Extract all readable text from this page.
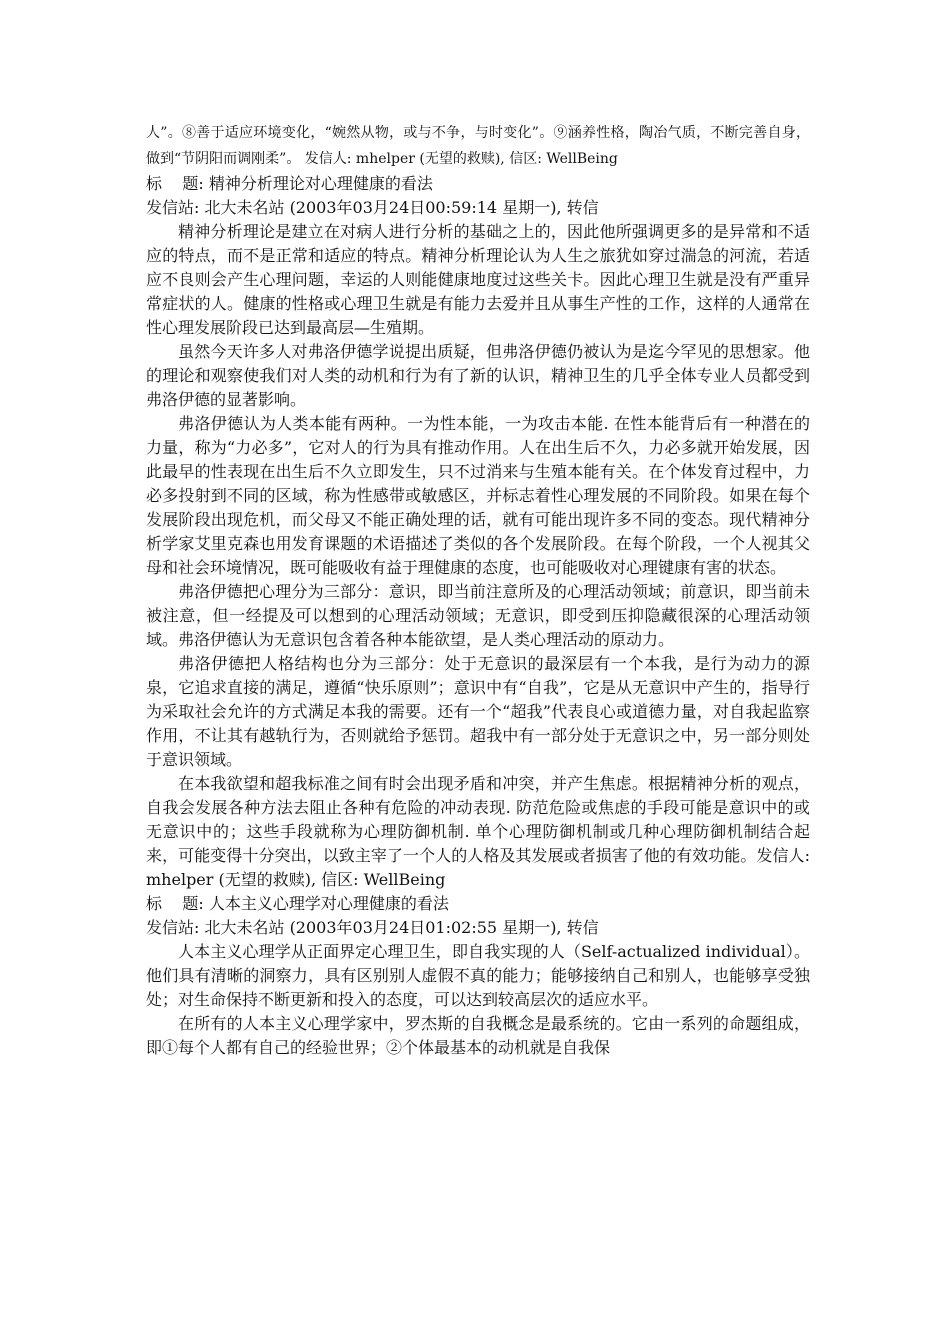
人”。⑧善于适应环境变化，“婉然从物，或与不争，与时变化”。⑨涵养性格，陶冶气质，不断完善自身，做到“节阴阳而调刚柔”。 发信人: mhelper (无望的救赎), 信区: WellBeing

标    题: 精神分析理论对心理健康的看法

发信站: 北大未名站 (2003年03月24日00:59:14 星期一), 转信

精神分析理论是建立在对病人进行分析的基础之上的，因此他所强调更多的是异常和不适应的特点，而不是正常和适应的特点。精神分析理论认为人生之旅犹如穿过湍急的河流，若适应不良则会产生心理问题，幸运的人则能健康地度过这些关卡。因此心理卫生就是没有严重异常症状的人。健康的性格或心理卫生就是有能力去爱并且从事生产性的工作，这样的人通常在性心理发展阶段已达到最高层—生殖期。

虽然今天许多人对弗洛伊德学说提出质疑，但弗洛伊德仍被认为是迄今罕见的思想家。他的理论和观察使我们对人类的动机和行为有了新的认识，精神卫生的几乎全体专业人员都受到弗洛伊德的显著影响。

弗洛伊德认为人类本能有两种。一为性本能，一为攻击本能. 在性本能背后有一种潜在的力量，称为“力必多”，它对人的行为具有推动作用。人在出生后不久，力必多就开始发展，因此最早的性表现在出生后不久立即发生，只不过消来与生殖本能有关。在个体发育过程中，力必多投射到不同的区域，称为性感带或敏感区，并标志着性心理发展的不同阶段。如果在每个发展阶段出现危机，而父母又不能正确处理的话，就有可能出现许多不同的变态。现代精神分析学家艾里克森也用发育课题的术语描述了类似的各个发展阶段。在每个阶段，一个人视其父母和社会环境情况，既可能吸收有益于理健康的态度，也可能吸收对心理键康有害的状态。

弗洛伊德把心理分为三部分：意识，即当前注意所及的心理活动领域；前意识，即当前未被注意，但一经提及可以想到的心理活动领域；无意识，即受到压抑隐藏很深的心理活动领域。弗洛伊德认为无意识包含着各种本能欲望，是人类心理活动的原动力。

弗洛伊德把人格结构也分为三部分：处于无意识的最深层有一个本我，是行为动力的源泉，它追求直接的满足，遵循“快乐原则”；意识中有“自我”，它是从无意识中产生的，指导行为采取社会允许的方式满足本我的需要。还有一个“超我”代表良心或道德力量，对自我起监察作用，不让其有越轨行为，否则就给予惩罚。超我中有一部分处于无意识之中，另一部分则处于意识领域。

在本我欲望和超我标准之间有时会出现矛盾和冲突，并产生焦虑。根据精神分析的观点，自我会发展各种方法去阻止各种有危险的冲动表现. 防范危险或焦虑的手段可能是意识中的或无意识中的；这些手段就称为心理防御机制. 单个心理防御机制或几种心理防御机制结合起来，可能变得十分突出，以致主宰了一个人的人格及其发展或者损害了他的有效功能。发信人: mhelper (无望的救赎), 信区: WellBeing

标    题: 人本主义心理学对心理健康的看法

发信站: 北大未名站 (2003年03月24日01:02:55 星期一), 转信

人本主义心理学从正面界定心理卫生，即自我实现的人（Self-actualized individual）。他们具有清晰的洞察力，具有区别别人虚假不真的能力；能够接纳自己和别人，也能够享受独处；对生命保持不断更新和投入的态度，可以达到较高层次的适应水平。

在所有的人本主义心理学家中，罗杰斯的自我概念是最系统的。它由一系列的命题组成，即①每个人都有自己的经验世界；②个体最基本的动机就是自我保
